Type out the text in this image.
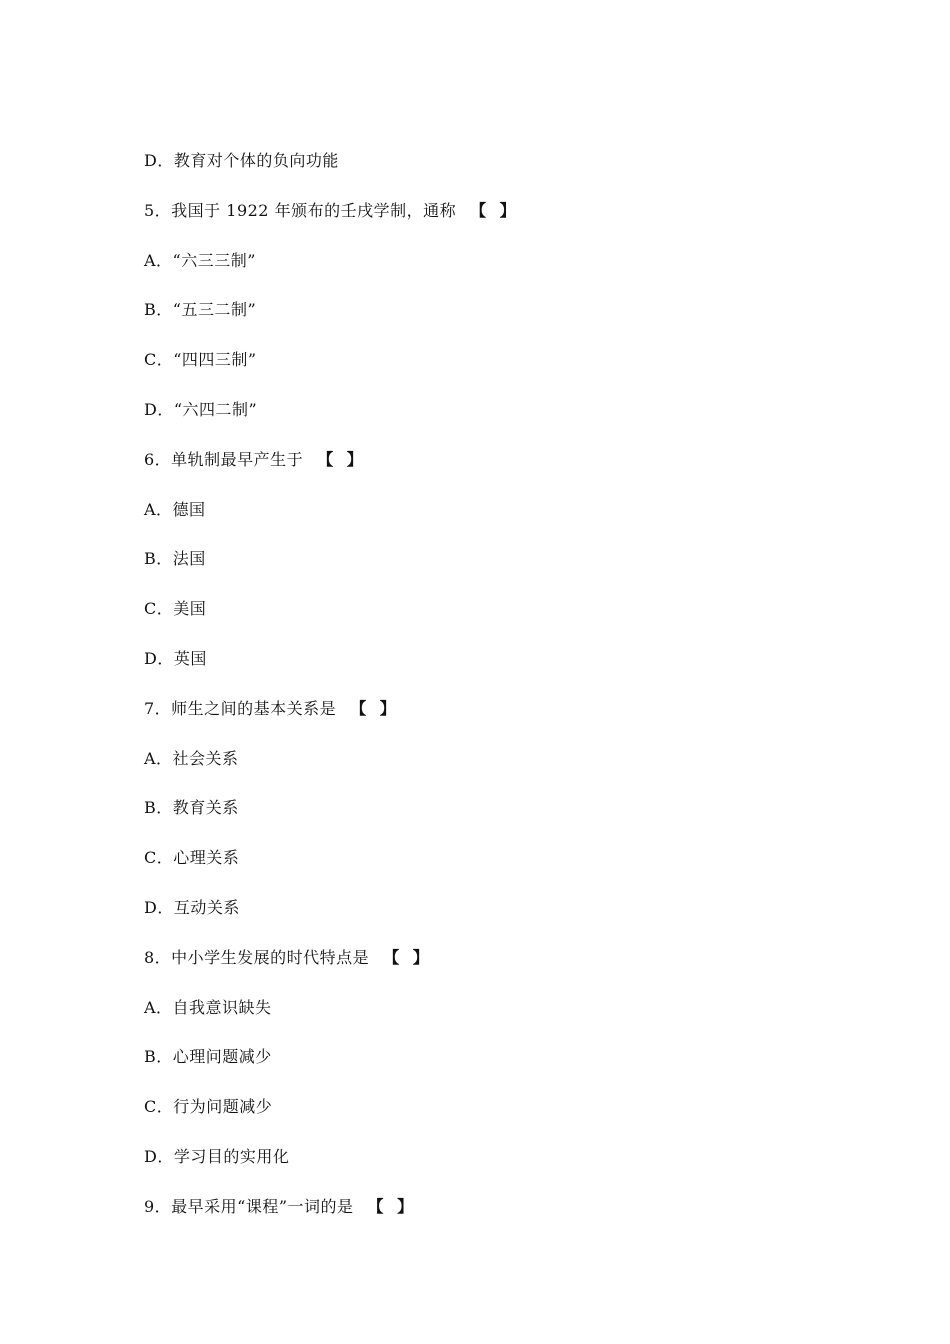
D．教育对个体的负向功能
5．我国于 1922 年颁布的壬戌学制，通称 【 】
A．“六三三制”
B．“五三二制”
C．“四四三制”
D．“六四二制”
6．单轨制最早产生于 【 】
A．德国
B．法国
C．美国
D．英国
7．师生之间的基本关系是 【 】
A．社会关系
B．教育关系
C．心理关系
D．互动关系
8．中小学生发展的时代特点是 【 】
A．自我意识缺失
B．心理问题减少
C．行为问题减少
D．学习目的实用化
9．最早采用“课程”一词的是 【 】
